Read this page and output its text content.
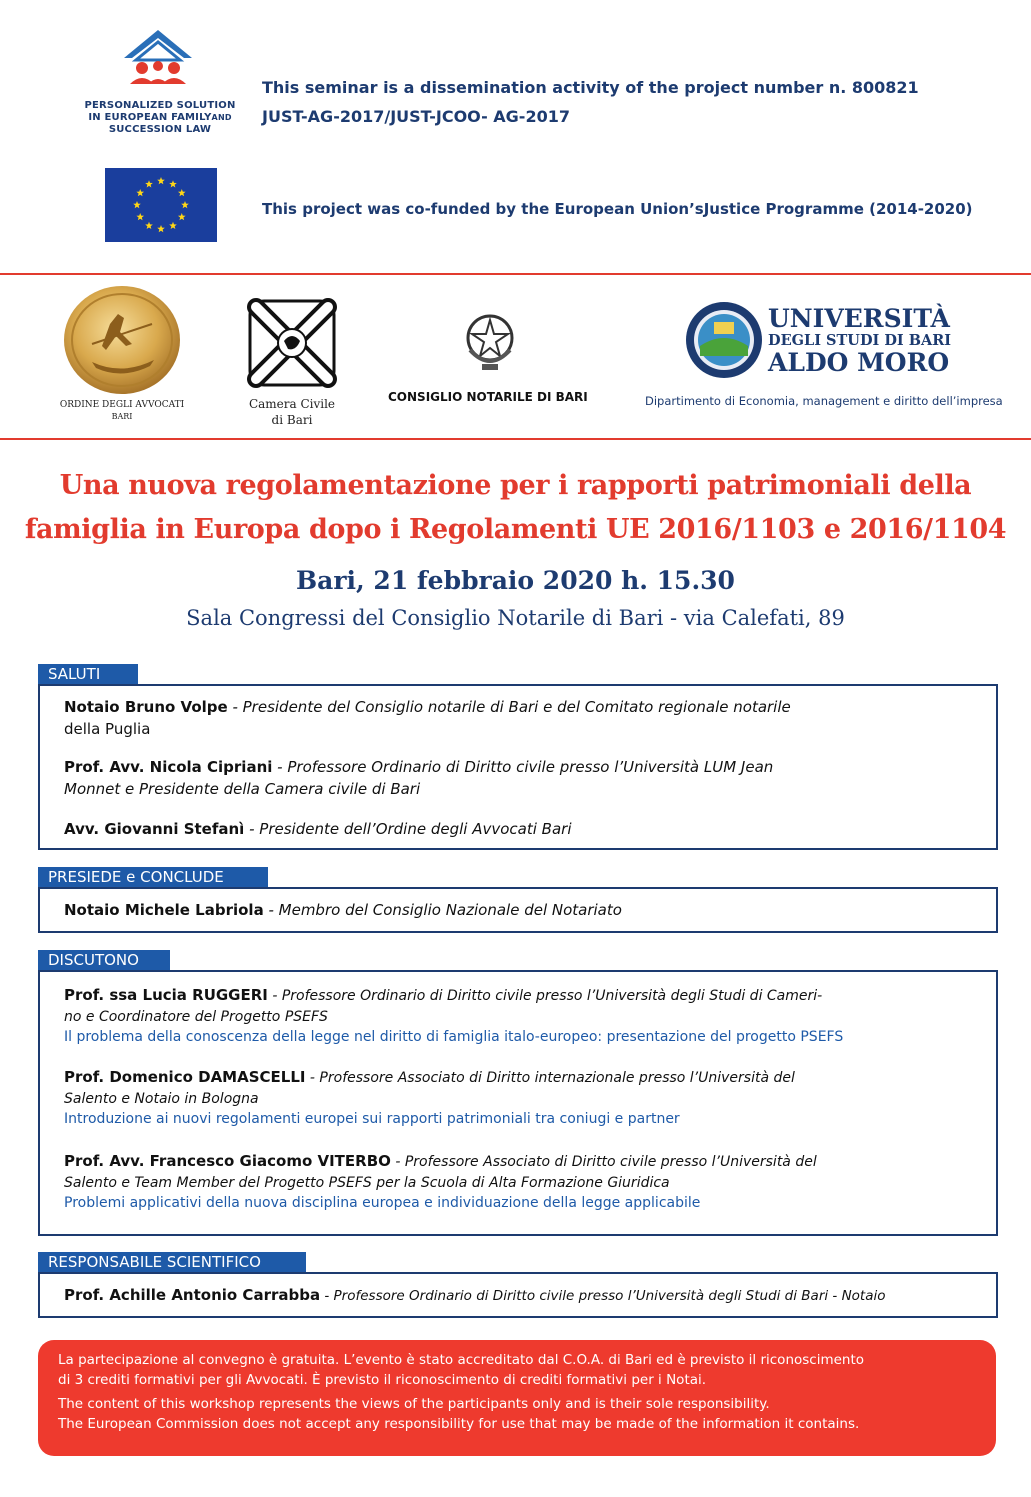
PERSONALIZED SOLUTION
IN EUROPEAN FAMILYAND
SUCCESSION LAW
This seminar is a dissemination activity of the project number n. 800821
JUST-AG-2017/JUST-JCOO- AG-2017
This project was co-funded by the European Union’sJustice Programme (2014-2020)
ORDINE DEGLI AVVOCATI
BARI
Camera Civile
di Bari
CONSIGLIO NOTARILE DI BARI
UNIVERSITÀ
DEGLI STUDI DI BARI
ALDO MORO
Dipartimento di Economia, management e diritto dell’impresa
Una nuova regolamentazione per i rapporti patrimoniali della
famiglia in Europa dopo i Regolamenti UE 2016/1103 e 2016/1104
Bari, 21 febbraio 2020 h. 15.30
Sala Congressi del Consiglio Notarile di Bari - via Calefati, 89
SALUTI
Notaio Bruno Volpe - Presidente del Consiglio notarile di Bari e del Comitato regionale notarile
della Puglia
Prof. Avv. Nicola Cipriani - Professore Ordinario di Diritto civile presso l’Università LUM Jean
Monnet e Presidente della Camera civile di Bari
Avv. Giovanni Stefanì - Presidente dell’Ordine degli Avvocati Bari
PRESIEDE e CONCLUDE
Notaio Michele Labriola - Membro del Consiglio Nazionale del Notariato
DISCUTONO
Prof. ssa Lucia RUGGERI - Professore Ordinario di Diritto civile presso l’Università degli Studi di Cameri-
no e Coordinatore del Progetto PSEFS
Il problema della conoscenza della legge nel diritto di famiglia italo-europeo: presentazione del progetto PSEFS
Prof. Domenico DAMASCELLI - Professore Associato di Diritto internazionale presso l’Università del
Salento e Notaio in Bologna
Introduzione ai nuovi regolamenti europei sui rapporti patrimoniali tra coniugi e partner
Prof. Avv. Francesco Giacomo VITERBO - Professore Associato di Diritto civile presso l’Università del
Salento e Team Member del Progetto PSEFS per la Scuola di Alta Formazione Giuridica
Problemi applicativi della nuova disciplina europea e individuazione della legge applicabile
RESPONSABILE SCIENTIFICO
Prof. Achille Antonio Carrabba - Professore Ordinario di Diritto civile presso l’Università degli Studi di Bari - Notaio
La partecipazione al convegno è gratuita. L’evento è stato accreditato dal C.O.A. di Bari ed è previsto il riconoscimento
di 3 crediti formativi per gli Avvocati. È previsto il riconoscimento di crediti formativi per i Notai.
The content of this workshop represents the views of the participants only and is their sole responsibility.
The European Commission does not accept any responsibility for use that may be made of the information it contains.
